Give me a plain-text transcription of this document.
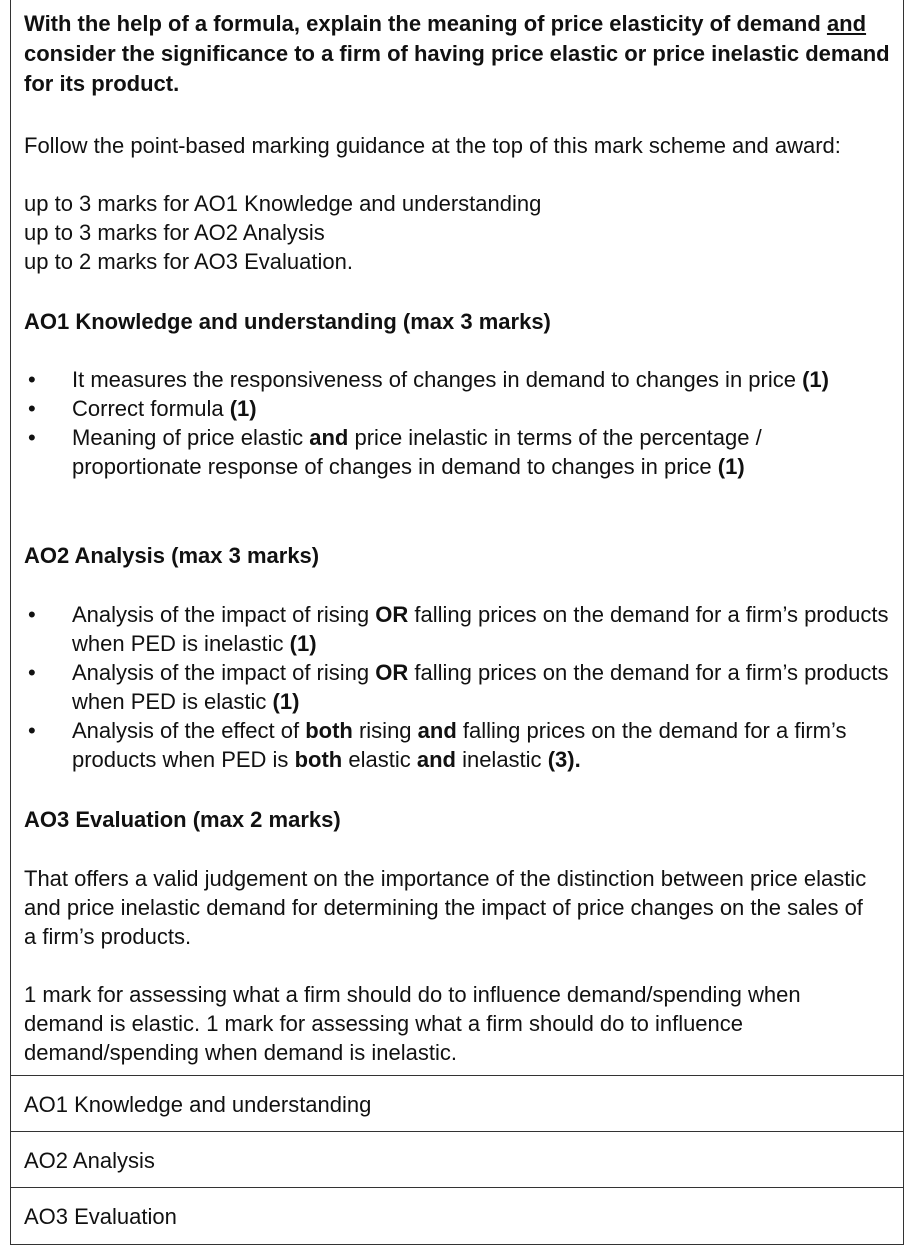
With the help of a formula, explain the meaning of price elasticity of demand and consider the significance to a firm of having price elastic or price inelastic demand for its product.

Follow the point-based marking guidance at the top of this mark scheme and award:

up to 3 marks for AO1 Knowledge and understanding

up to 3 marks for AO2 Analysis

up to 2 marks for AO3 Evaluation.

AO1 Knowledge and understanding (max 3 marks)

• It measures the responsiveness of changes in demand to changes in price (1)
• Correct formula (1)
• Meaning of price elastic and price inelastic in terms of the percentage / proportionate response of changes in demand to changes in price (1)

AO2 Analysis (max 3 marks)

• Analysis of the impact of rising OR falling prices on the demand for a firm’s products when PED is inelastic (1)
• Analysis of the impact of rising OR falling prices on the demand for a firm’s products when PED is elastic (1)
• Analysis of the effect of both rising and falling prices on the demand for a firm’s products when PED is both elastic and inelastic (3).

AO3 Evaluation (max 2 marks)

That offers a valid judgement on the importance of the distinction between price elastic and price inelastic demand for determining the impact of price changes on the sales of a firm’s products.

1 mark for assessing what a firm should do to influence demand/spending when demand is elastic. 1 mark for assessing what a firm should do to influence demand/spending when demand is inelastic.

AO1 Knowledge and understanding
AO2 Analysis
AO3 Evaluation
